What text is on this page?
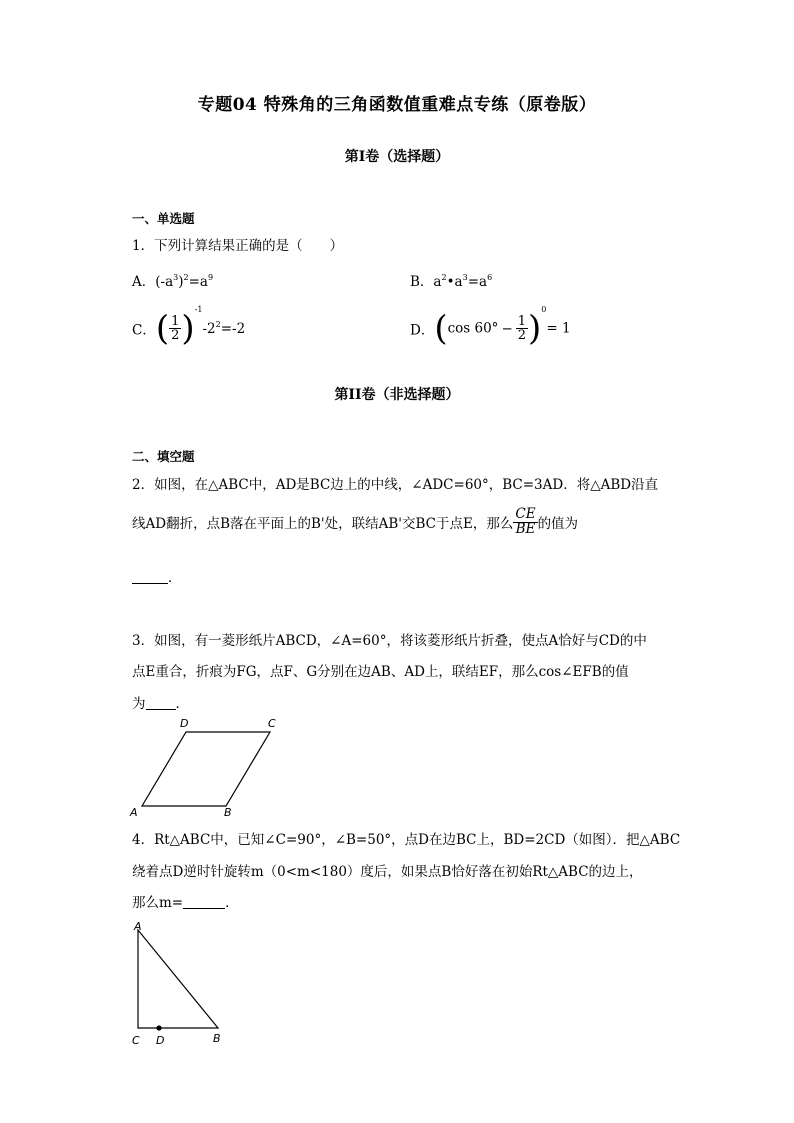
专题04 特殊角的三角函数值重难点专练（原卷版）
第I卷（选择题）
一、单选题
1．下列计算结果正确的是（　　）
A．$(-a^3)^2=a^9$	B．$a^2•a^3=a^6$
C．( $\frac{1}{2} )^{-1}-2^2=-2$	D．(cos $60^\circ - \frac{1}{2} )^0= 1$
第II卷（非选择题）
二、填空题
2．如图，在△ABC中，AD是BC边上的中线，∠ADC=60°，BC=3AD．将△ABD沿直
线AD翻折，点B落在平面上的B'处，联结AB'交BC于点E，那么 $\frac{CE}{BE}$ 的值为
．
3．如图，有一菱形纸片ABCD，∠A=60°，将该菱形纸片折叠，使点A恰好与CD的中
点E重合，折痕为FG，点F、G分别在边AB、AD上，联结EF，那么cos∠EFB的值
为 ．
A	B
C
D
4．Rt△ABC中，已知∠C=90°，∠B=50°，点D在边BC上，BD=2CD（如图）．把△ABC
绕着点D逆时针旋转m（0<m<180）度后，如果点B恰好落在初始Rt△ABC的边上，
那么m=	．
A
C D	B
